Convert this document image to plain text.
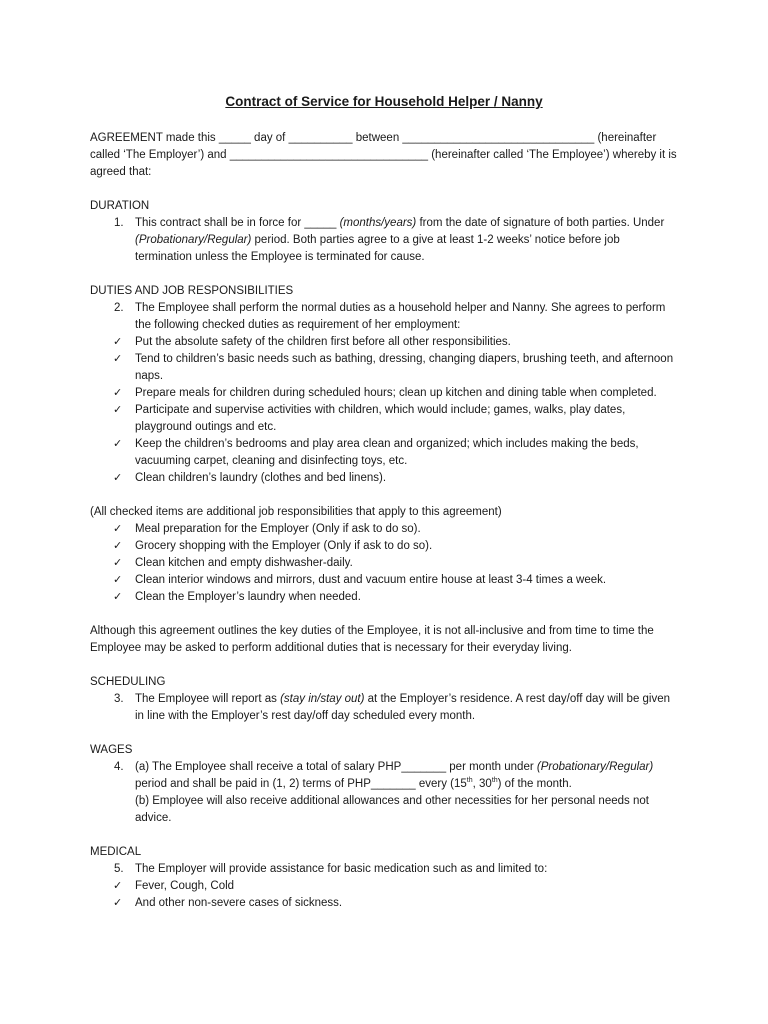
Contract of Service for Household Helper / Nanny
AGREEMENT made this _____ day of __________ between ______________________________ (hereinafter
called ‘The Employer’) and _______________________________ (hereinafter called ‘The Employee’) whereby it is
agreed that:
DURATION
1. This contract shall be in force for _____ (months/years) from the date of signature of both parties. Under
(Probationary/Regular) period. Both parties agree to a give at least 1-2 weeks’ notice before job
termination unless the Employee is terminated for cause.
DUTIES AND JOB RESPONSIBILITIES
2. The Employee shall perform the normal duties as a household helper and Nanny. She agrees to perform
the following checked duties as requirement of her employment:
✓ Put the absolute safety of the children first before all other responsibilities.
✓ Tend to children’s basic needs such as bathing, dressing, changing diapers, brushing teeth, and afternoon
naps.
✓ Prepare meals for children during scheduled hours; clean up kitchen and dining table when completed.
✓ Participate and supervise activities with children, which would include; games, walks, play dates,
playground outings and etc.
✓ Keep the children’s bedrooms and play area clean and organized; which includes making the beds,
vacuuming carpet, cleaning and disinfecting toys, etc.
✓ Clean children’s laundry (clothes and bed linens).
(All checked items are additional job responsibilities that apply to this agreement)
✓ Meal preparation for the Employer (Only if ask to do so).
✓ Grocery shopping with the Employer (Only if ask to do so).
✓ Clean kitchen and empty dishwasher-daily.
✓ Clean interior windows and mirrors, dust and vacuum entire house at least 3-4 times a week.
✓ Clean the Employer’s laundry when needed.
Although this agreement outlines the key duties of the Employee, it is not all-inclusive and from time to time the
Employee may be asked to perform additional duties that is necessary for their everyday living.
SCHEDULING
3. The Employee will report as (stay in/stay out) at the Employer’s residence. A rest day/off day will be given
in line with the Employer’s rest day/off day scheduled every month.
WAGES
4. (a) The Employee shall receive a total of salary PHP_______ per month under (Probationary/Regular)
period and shall be paid in (1, 2) terms of PHP_______ every (15th, 30th) of the month.
(b) Employee will also receive additional allowances and other necessities for her personal needs not
advice.
MEDICAL
5. The Employer will provide assistance for basic medication such as and limited to:
✓ Fever, Cough, Cold
✓ And other non-severe cases of sickness.
